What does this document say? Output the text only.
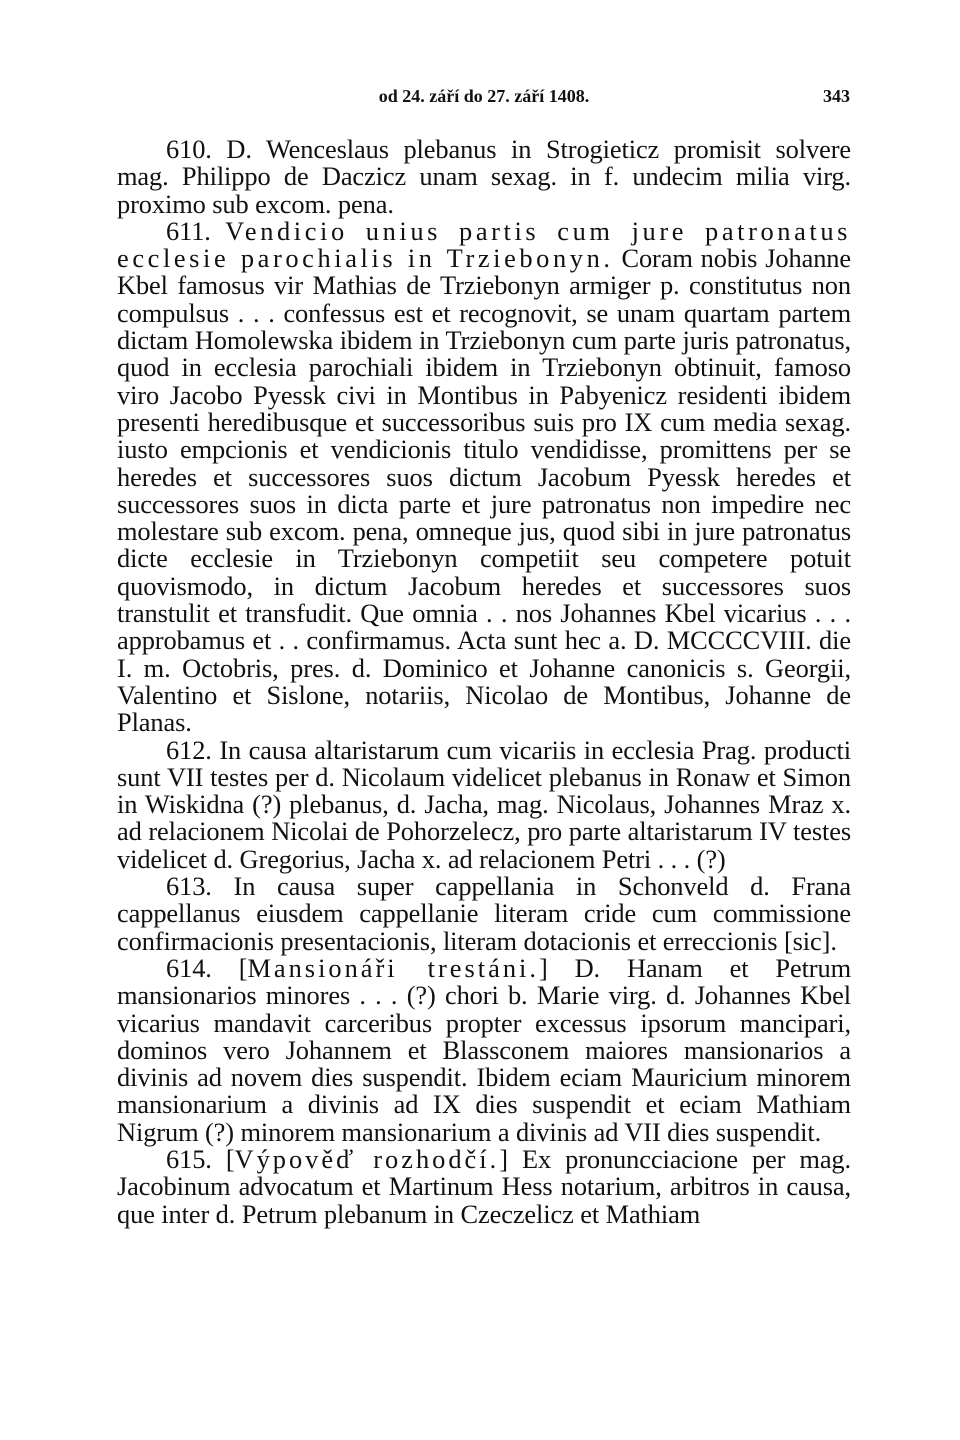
od 24. září do 27. září 1408.	343

610. D. Wenceslaus plebanus in Strogieticz promisit solvere mag. Philippo de Daczicz unam sexag. in f. undecim milia virg. proximo sub excom. pena.

611. Vendicio unius partis cum jure patronatus ecclesie parochialis in Trziebonyn. Coram nobis Johanne Kbel famosus vir Mathias de Trziebonyn armiger p. constitutus non compulsus . . . confessus est et recognovit, se unam quartam partem dictam Homolewska ibidem in Trziebonyn cum parte juris patronatus, quod in ecclesia parochiali ibidem in Trziebonyn obtinuit, famoso viro Jacobo Pyessk civi in Montibus in Pabyenicz residenti ibidem presenti heredibusque et successoribus suis pro IX cum media sexag. iusto empcionis et vendicionis titulo vendidisse, promittens per se heredes et successores suos dictum Jacobum Pyessk heredes et successores suos in dicta parte et jure patronatus non impedire nec molestare sub excom. pena, omneque jus, quod sibi in jure patronatus dicte ecclesie in Trziebonyn competiit seu competere potuit quovismodo, in dictum Jacobum heredes et successores suos transtulit et transfudit. Que omnia . . nos Johannes Kbel vicarius . . . approbamus et . . confirmamus. Acta sunt hec a. D. MCCCCVIII. die I. m. Octobris, pres. d. Dominico et Johanne canonicis s. Georgii, Valentino et Sislone, notariis, Nicolao de Montibus, Johanne de Planas.

612. In causa altaristarum cum vicariis in ecclesia Prag. producti sunt VII testes per d. Nicolaum videlicet plebanus in Ronaw et Simon in Wiskidna (?) plebanus, d. Jacha, mag. Nicolaus, Johannes Mraz x. ad relacionem Nicolai de Pohorzelecz, pro parte altaristarum IV testes videlicet d. Gregorius, Jacha x. ad relacionem Petri . . . (?)

613. In causa super cappellania in Schonveld d. Frana cappellanus eiusdem cappellanie literam cride cum commissione confirmacionis presentacionis, literam dotacionis et erreccionis [sic].

614. [Mansionáři trestáni.] D. Hanam et Petrum mansionarios minores . . . (?) chori b. Marie virg. d. Johannes Kbel vicarius mandavit carceribus propter excessus ipsorum mancipari, dominos vero Johannem et Blassconem maiores mansionarios a divinis ad novem dies suspendit. Ibidem eciam Mauricium minorem mansionarium a divinis ad IX dies suspendit et eciam Mathiam Nigrum (?) minorem mansionarium a divinis ad VII dies suspendit.

615. [Výpověď rozhodčí.] Ex pronuncciacione per mag. Jacobinum advocatum et Martinum Hess notarium, arbitros in causa, que inter d. Petrum plebanum in Czeczelicz et Mathiam
